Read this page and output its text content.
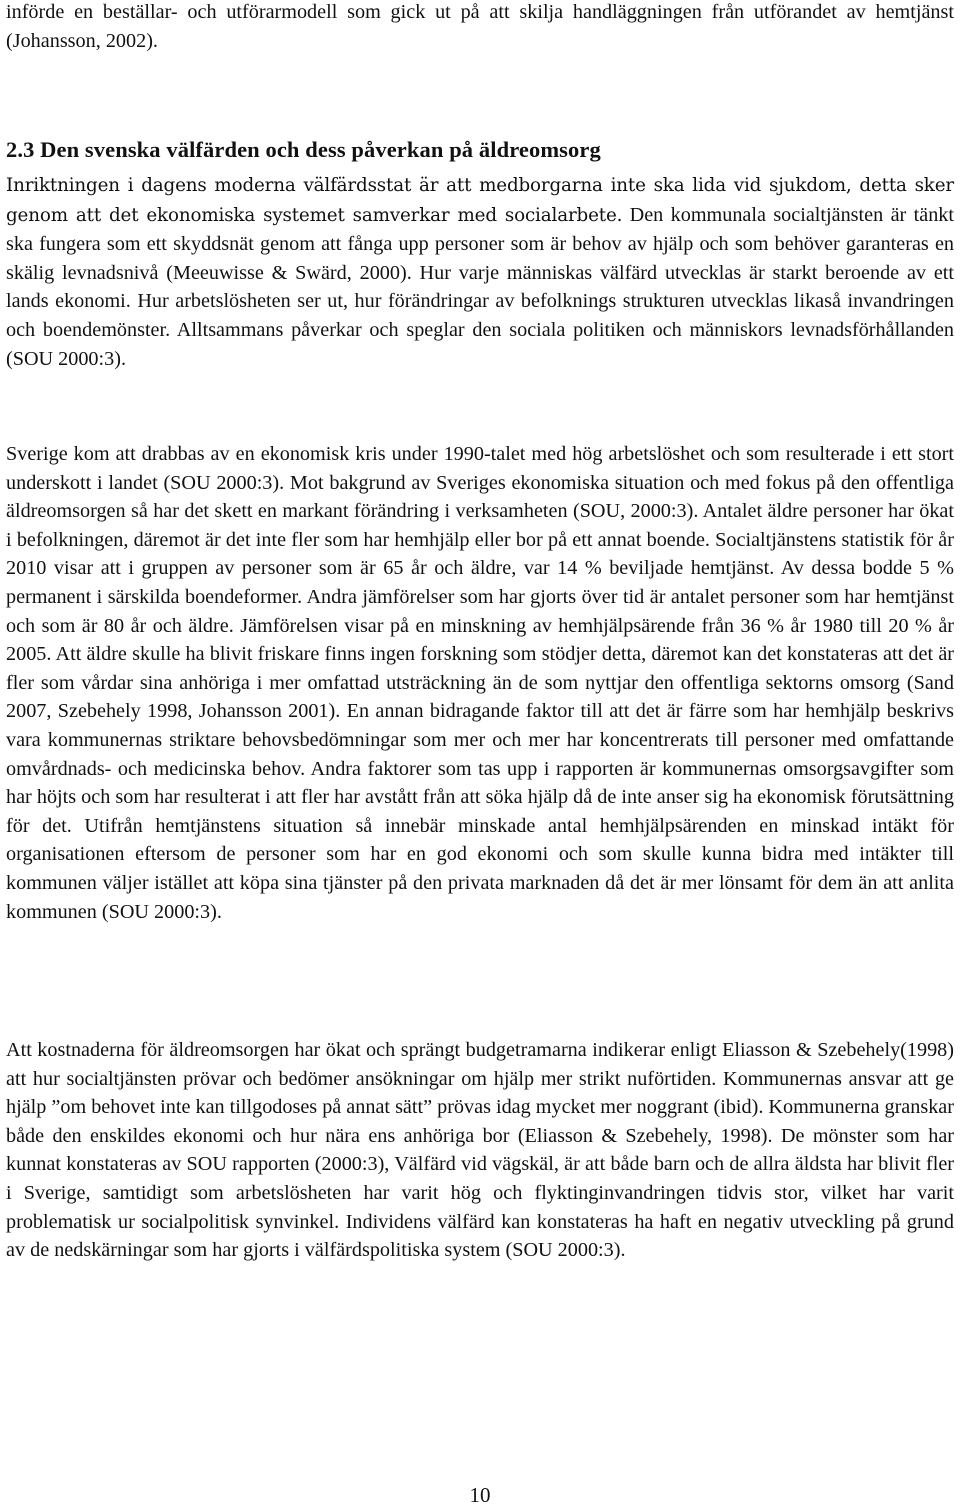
införde en beställar- och utförarmodell som gick ut på att skilja handläggningen från utförandet av hemtjänst (Johansson, 2002).

2.3 Den svenska välfärden och dess påverkan på äldreomsorg

Inriktningen i dagens moderna välfärdsstat är att medborgarna inte ska lida vid sjukdom, detta sker genom att det ekonomiska systemet samverkar med socialarbete. Den kommunala socialtjänsten är tänkt ska fungera som ett skyddsnät genom att fånga upp personer som är behov av hjälp och som behöver garanteras en skälig levnadsnivå (Meeuwisse & Swärd, 2000). Hur varje människas välfärd utvecklas är starkt beroende av ett lands ekonomi. Hur arbetslösheten ser ut, hur förändringar av befolknings strukturen utvecklas likaså invandringen och boendemönster. Alltsammans påverkar och speglar den sociala politiken och människors levnadsförhållanden (SOU 2000:3).

Sverige kom att drabbas av en ekonomisk kris under 1990-talet med hög arbetslöshet och som resulterade i ett stort underskott i landet (SOU 2000:3). Mot bakgrund av Sveriges ekonomiska situation och med fokus på den offentliga äldreomsorgen så har det skett en markant förändring i verksamheten (SOU, 2000:3). Antalet äldre personer har ökat i befolkningen, däremot är det inte fler som har hemhjälp eller bor på ett annat boende. Socialtjänstens statistik för år 2010 visar att i gruppen av personer som är 65 år och äldre, var 14 % beviljade hemtjänst. Av dessa bodde 5 % permanent i särskilda boendeformer. Andra jämförelser som har gjorts över tid är antalet personer som har hemtjänst och som är 80 år och äldre. Jämförelsen visar på en minskning av hemhjälpsärende från 36 % år 1980 till 20 % år 2005. Att äldre skulle ha blivit friskare finns ingen forskning som stödjer detta, däremot kan det konstateras att det är fler som vårdar sina anhöriga i mer omfattad utsträckning än de som nyttjar den offentliga sektorns omsorg (Sand 2007, Szebehely 1998, Johansson 2001). En annan bidragande faktor till att det är färre som har hemhjälp beskrivs vara kommunernas striktare behovsbedömningar som mer och mer har koncentrerats till personer med omfattande omvårdnads- och medicinska behov. Andra faktorer som tas upp i rapporten är kommunernas omsorgsavgifter som har höjts och som har resulterat i att fler har avstått från att söka hjälp då de inte anser sig ha ekonomisk förutsättning för det. Utifrån hemtjänstens situation så innebär minskade antal hemhjälpsärenden en minskad intäkt för organisationen eftersom de personer som har en god ekonomi och som skulle kunna bidra med intäkter till kommunen väljer istället att köpa sina tjänster på den privata marknaden då det är mer lönsamt för dem än att anlita kommunen (SOU 2000:3).

Att kostnaderna för äldreomsorgen har ökat och sprängt budgetramarna indikerar enligt Eliasson & Szebehely(1998) att hur socialtjänsten prövar och bedömer ansökningar om hjälp mer strikt nuförtiden. Kommunernas ansvar att ge hjälp ”om behovet inte kan tillgodoses på annat sätt” prövas idag mycket mer noggrant (ibid). Kommunerna granskar både den enskildes ekonomi och hur nära ens anhöriga bor (Eliasson & Szebehely, 1998). De mönster som har kunnat konstateras av SOU rapporten (2000:3), Välfärd vid vägskäl, är att både barn och de allra äldsta har blivit fler i Sverige, samtidigt som arbetslösheten har varit hög och flyktinginvandringen tidvis stor, vilket har varit problematisk ur socialpolitisk synvinkel. Individens välfärd kan konstateras ha haft en negativ utveckling på grund av de nedskärningar som har gjorts i välfärdspolitiska system (SOU 2000:3).

10
